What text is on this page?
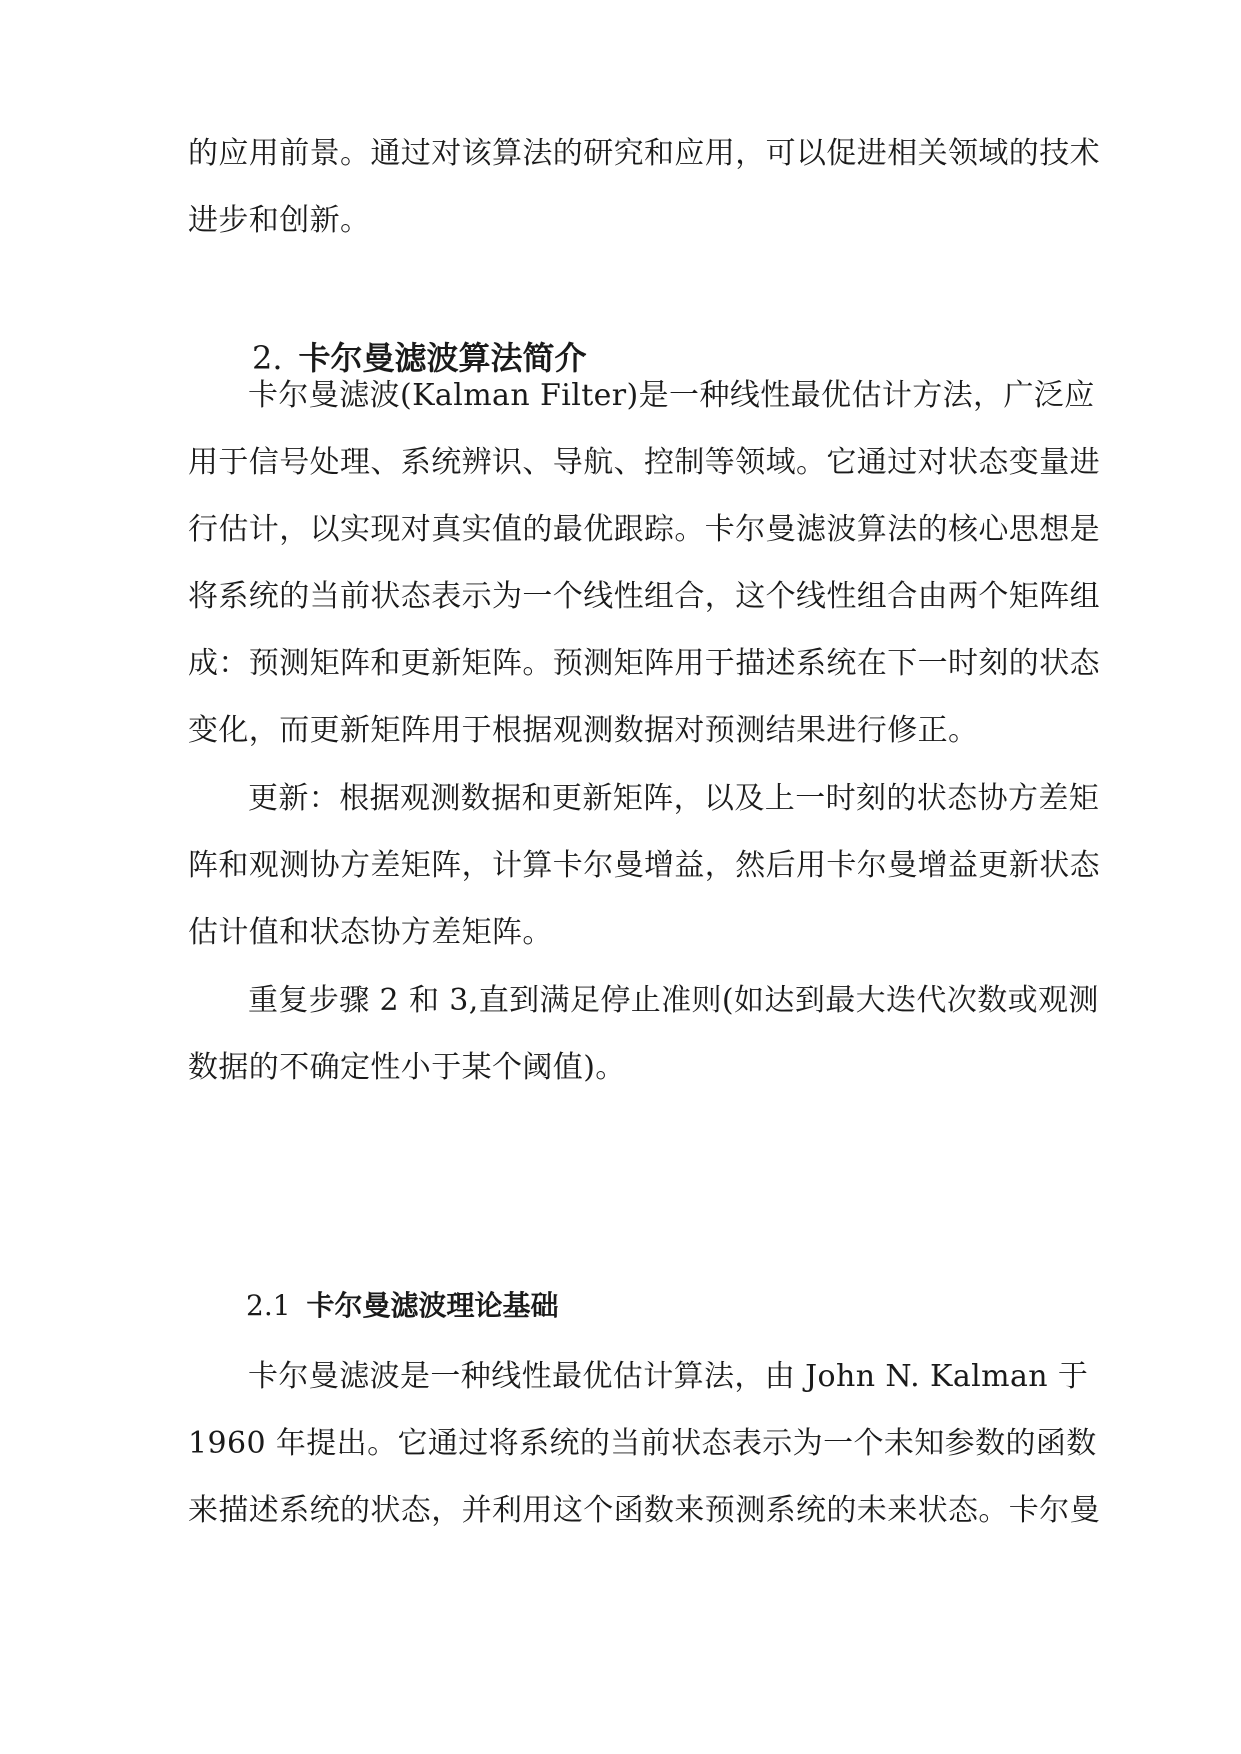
的应用前景。通过对该算法的研究和应用，可以促进相关领域的技术
进步和创新。
2. 卡尔曼滤波算法简介
卡尔曼滤波(Kalman Filter)是一种线性最优估计方法，广泛应
用于信号处理、系统辨识、导航、控制等领域。它通过对状态变量进
行估计，以实现对真实值的最优跟踪。卡尔曼滤波算法的核心思想是
将系统的当前状态表示为一个线性组合，这个线性组合由两个矩阵组
成：预测矩阵和更新矩阵。预测矩阵用于描述系统在下一时刻的状态
变化，而更新矩阵用于根据观测数据对预测结果进行修正。
更新：根据观测数据和更新矩阵，以及上一时刻的状态协方差矩
阵和观测协方差矩阵，计算卡尔曼增益，然后用卡尔曼增益更新状态
估计值和状态协方差矩阵。
重复步骤 2 和 3,直到满足停止准则(如达到最大迭代次数或观测
数据的不确定性小于某个阈值)。
2.1 卡尔曼滤波理论基础
卡尔曼滤波是一种线性最优估计算法，由 John N. Kalman 于
1960 年提出。它通过将系统的当前状态表示为一个未知参数的函数
来描述系统的状态，并利用这个函数来预测系统的未来状态。卡尔曼
